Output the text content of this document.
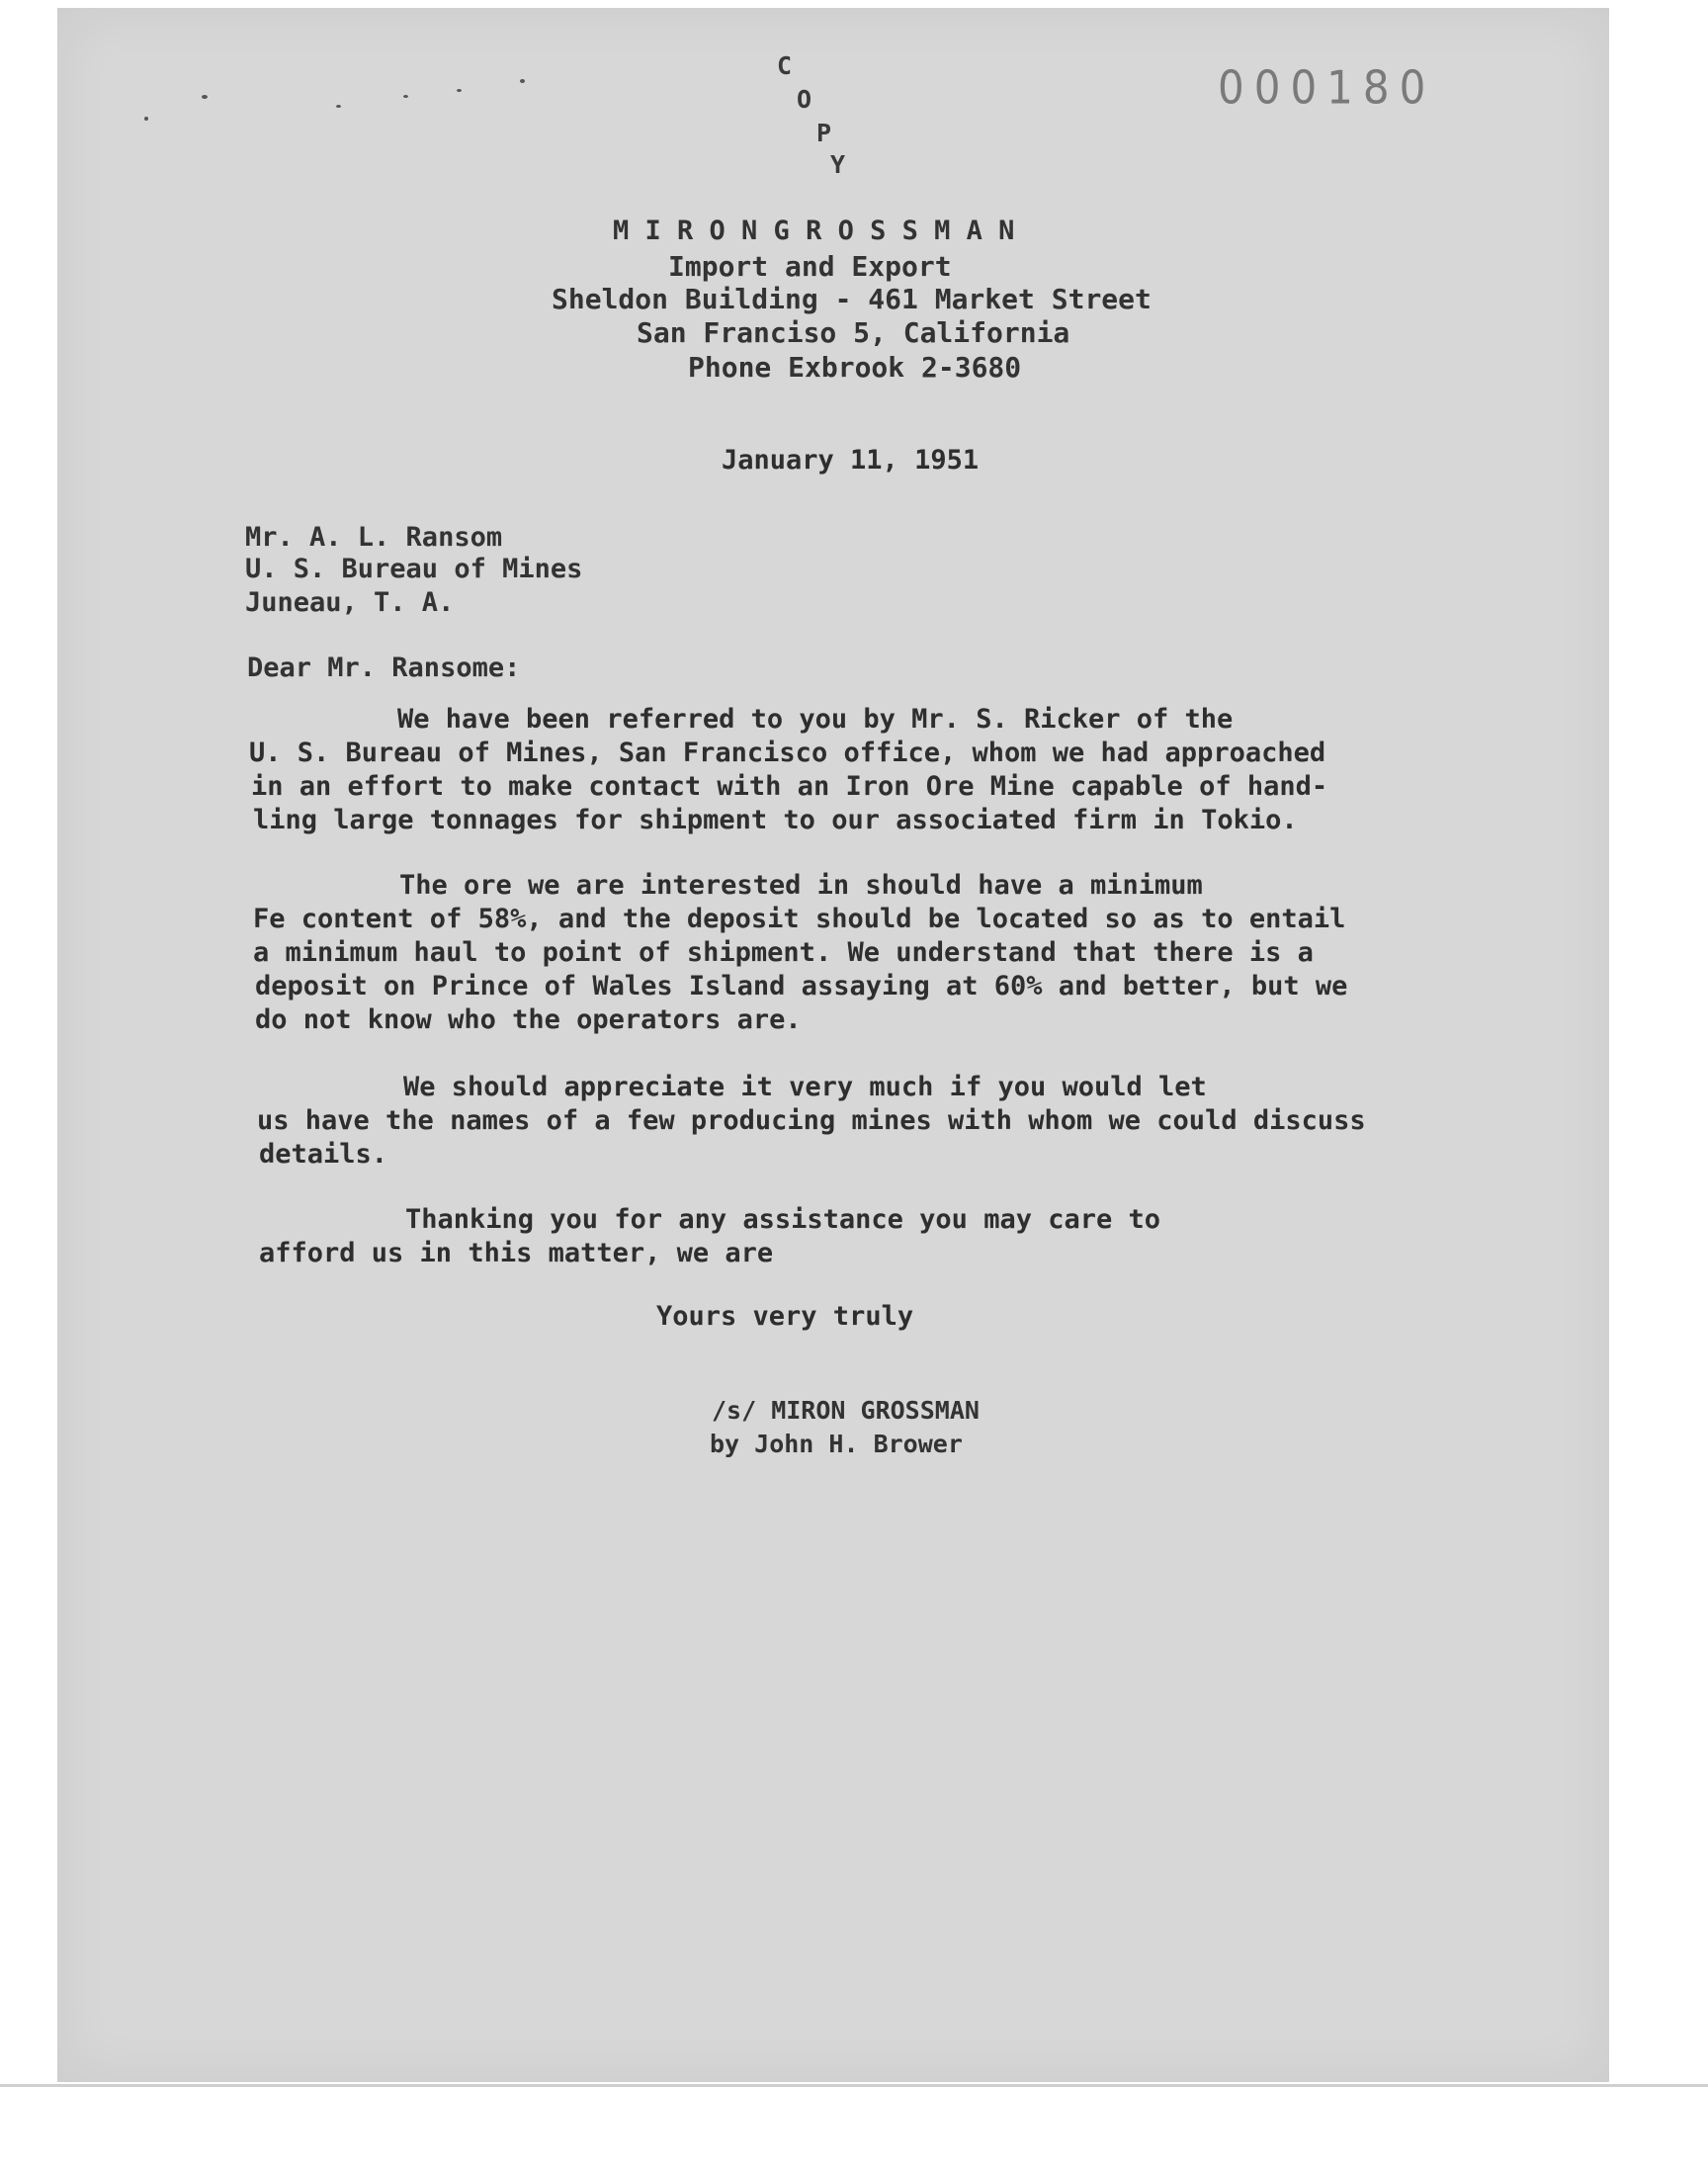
C
O
P
Y
000180
M I R O N G R O S S M A N
Import and Export
Sheldon Building - 461 Market Street
San Franciso 5, California
Phone Exbrook 2-3680
January 11, 1951
Mr. A. L. Ransom
U. S. Bureau of Mines
Juneau, T. A.
Dear Mr. Ransome:
We have been referred to you by Mr. S. Ricker of the
U. S. Bureau of Mines, San Francisco office, whom we had approached
in an effort to make contact with an Iron Ore Mine capable of hand-
ling large tonnages for shipment to our associated firm in Tokio.
The ore we are interested in should have a minimum
Fe content of 58%, and the deposit should be located so as to entail
a minimum haul to point of shipment. We understand that there is a
deposit on Prince of Wales Island assaying at 60% and better, but we
do not know who the operators are.
We should appreciate it very much if you would let
us have the names of a few producing mines with whom we could discuss
details.
Thanking you for any assistance you may care to
afford us in this matter, we are
Yours very truly
/s/ MIRON GROSSMAN
by John H. Brower
